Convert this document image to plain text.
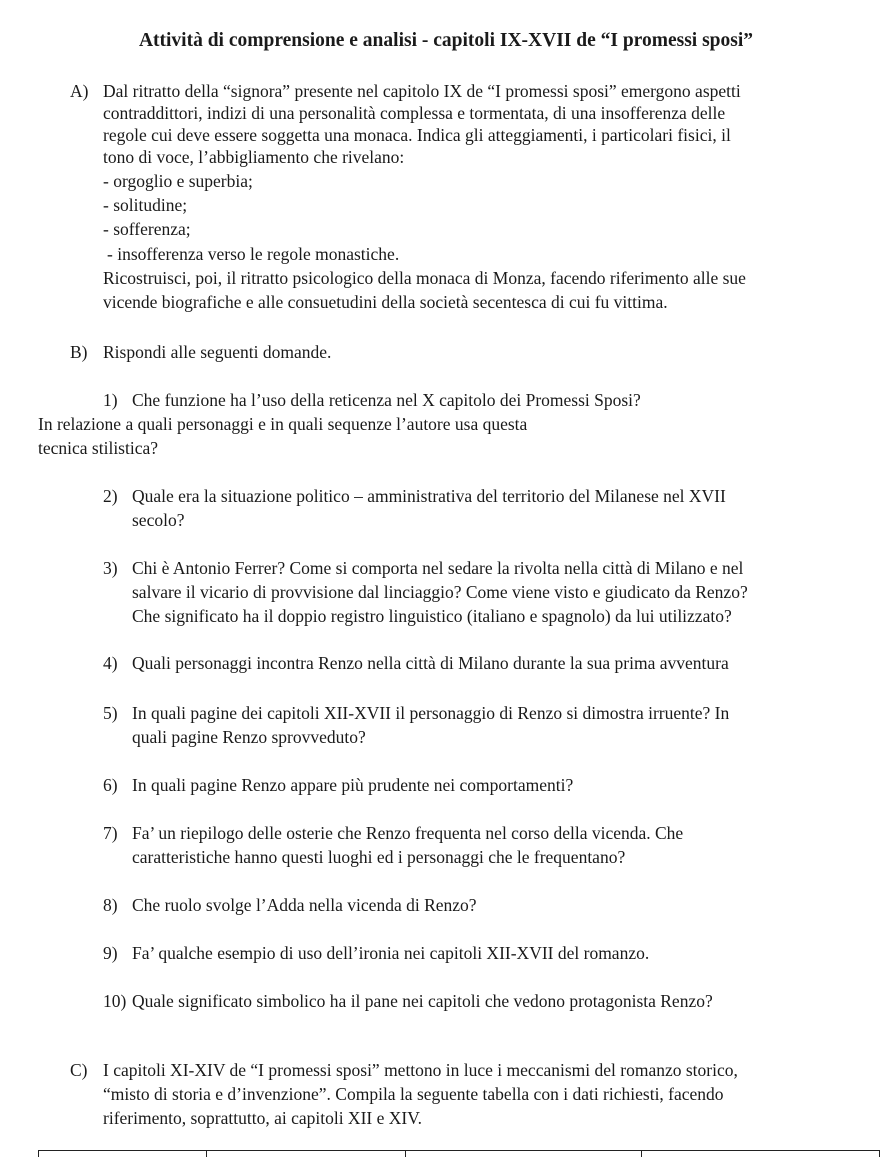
Attività di comprensione e analisi - capitoli IX-XVII de “I promessi sposi”
A) Dal ritratto della “signora” presente nel capitolo IX de “I promessi sposi” emergono aspetti
contraddittori, indizi di una personalità complessa e tormentata, di una insofferenza delle
regole cui deve essere soggetta una monaca. Indica gli atteggiamenti, i particolari fisici, il
tono di voce, l’abbigliamento che rivelano:
- orgoglio e superbia;
- solitudine;
- sofferenza;
- insofferenza verso le regole monastiche.
Ricostruisci, poi, il ritratto psicologico della monaca di Monza, facendo riferimento alle sue
vicende biografiche e alle consuetudini della società secentesca di cui fu vittima.
B) Rispondi alle seguenti domande.
1) Che funzione ha l’uso della reticenza nel X capitolo dei Promessi Sposi?
In relazione a quali personaggi e in quali sequenze l’autore usa questa
tecnica stilistica?
2) Quale era la situazione politico – amministrativa del territorio del Milanese nel XVII
secolo?
3) Chi è Antonio Ferrer? Come si comporta nel sedare la rivolta nella città di Milano e nel
salvare il vicario di provvisione dal linciaggio? Come viene visto e giudicato da Renzo?
Che significato ha il doppio registro linguistico (italiano e spagnolo) da lui utilizzato?
4) Quali personaggi incontra Renzo nella città di Milano durante la sua prima avventura
5) In quali pagine dei capitoli XII-XVII il personaggio di Renzo si dimostra irruente? In
quali pagine Renzo sprovveduto?
6) In quali pagine Renzo appare più prudente nei comportamenti?
7) Fa’ un riepilogo delle osterie che Renzo frequenta nel corso della vicenda. Che
caratteristiche hanno questi luoghi ed i personaggi che le frequentano?
8) Che ruolo svolge l’Adda nella vicenda di Renzo?
9) Fa’ qualche esempio di uso dell’ironia nei capitoli XII-XVII del romanzo.
10) Quale significato simbolico ha il pane nei capitoli che vedono protagonista Renzo?
C) I capitoli XI-XIV de “I promessi sposi” mettono in luce i meccanismi del romanzo storico,
“misto di storia e d’invenzione”. Compila la seguente tabella con i dati richiesti, facendo
riferimento, soprattutto, ai capitoli XII e XIV.
